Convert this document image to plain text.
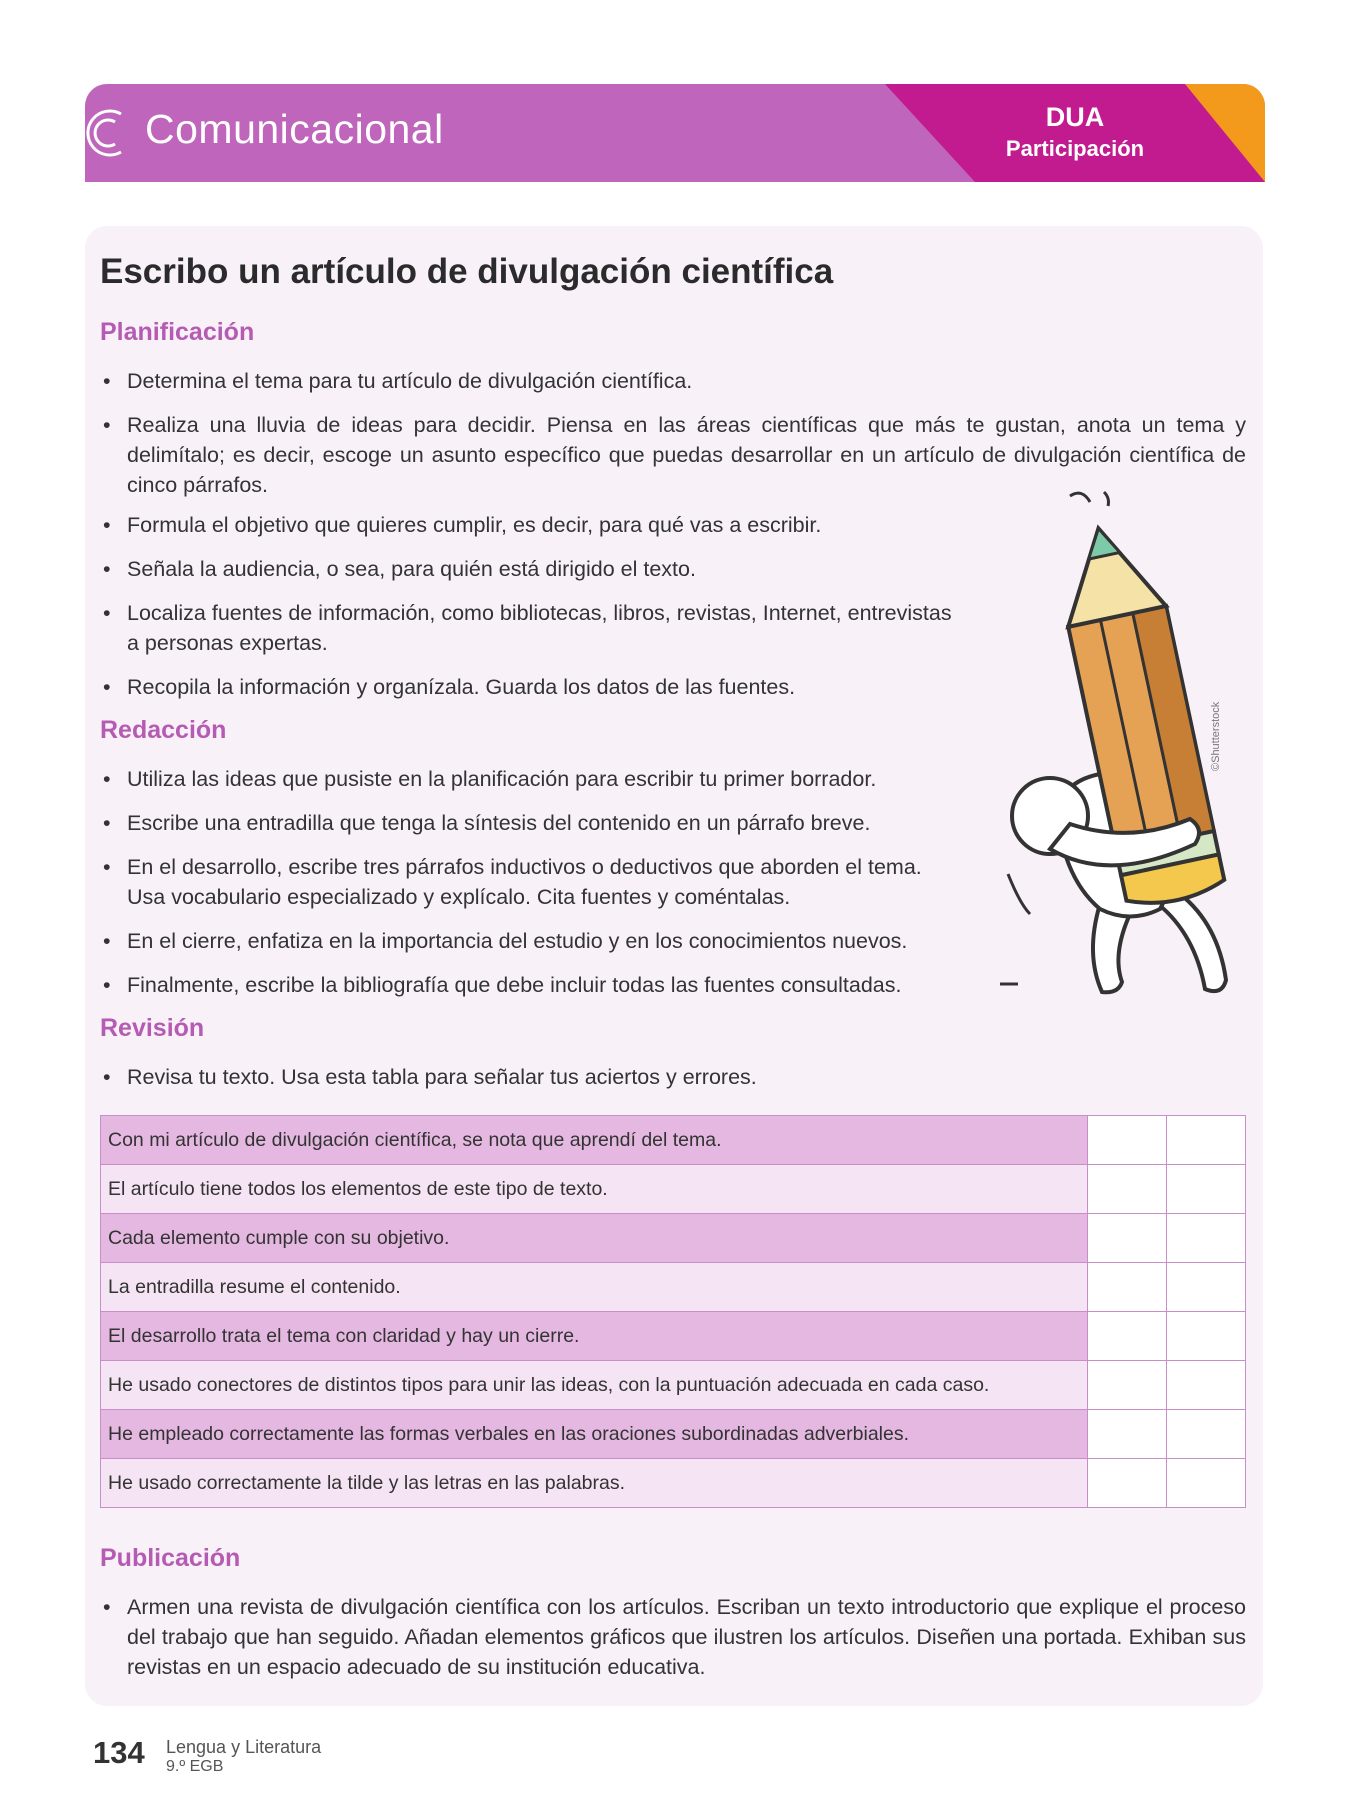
Comunicacional	DUA
Participación
Escribo un artículo de divulgación científica
Planificación
• Determina el tema para tu artículo de divulgación científica.
• Realiza una lluvia de ideas para decidir. Piensa en las áreas científicas que más te gustan, anota un tema y delimítalo; es decir, escoge un asunto específico que puedas desarrollar en un artículo de divulgación científica de cinco párrafos.
• Formula el objetivo que quieres cumplir, es decir, para qué vas a escribir.
• Señala la audiencia, o sea, para quién está dirigido el texto.
• Localiza fuentes de información, como bibliotecas, libros, revistas, Internet, entrevistas a personas expertas.
• Recopila la información y organízala. Guarda los datos de las fuentes.
Redacción
• Utiliza las ideas que pusiste en la planificación para escribir tu primer borrador.
• Escribe una entradilla que tenga la síntesis del contenido en un párrafo breve.
• En el desarrollo, escribe tres párrafos inductivos o deductivos que aborden el tema. Usa vocabulario especializado y explícalo. Cita fuentes y coméntalas.
• En el cierre, enfatiza en la importancia del estudio y en los conocimientos nuevos.
• Finalmente, escribe la bibliografía que debe incluir todas las fuentes consultadas.
Revisión
• Revisa tu texto. Usa esta tabla para señalar tus aciertos y errores.
Con mi artículo de divulgación científica, se nota que aprendí del tema.		
El artículo tiene todos los elementos de este tipo de texto.		
Cada elemento cumple con su objetivo.		
La entradilla resume el contenido.		
El desarrollo trata el tema con claridad y hay un cierre.		
He usado conectores de distintos tipos para unir las ideas, con la puntuación adecuada en cada caso.		
He empleado correctamente las formas verbales en las oraciones subordinadas adverbiales.		
He usado correctamente la tilde y las letras en las palabras.		
Publicación
• Armen una revista de divulgación científica con los artículos. Escriban un texto introductorio que explique el proceso del trabajo que han seguido. Añadan elementos gráficos que ilustren los artículos. Diseñen una portada. Exhiban sus revistas en un espacio adecuado de su institución educativa.
©Shutterstock
134 Lengua y Literatura
9.º EGB
